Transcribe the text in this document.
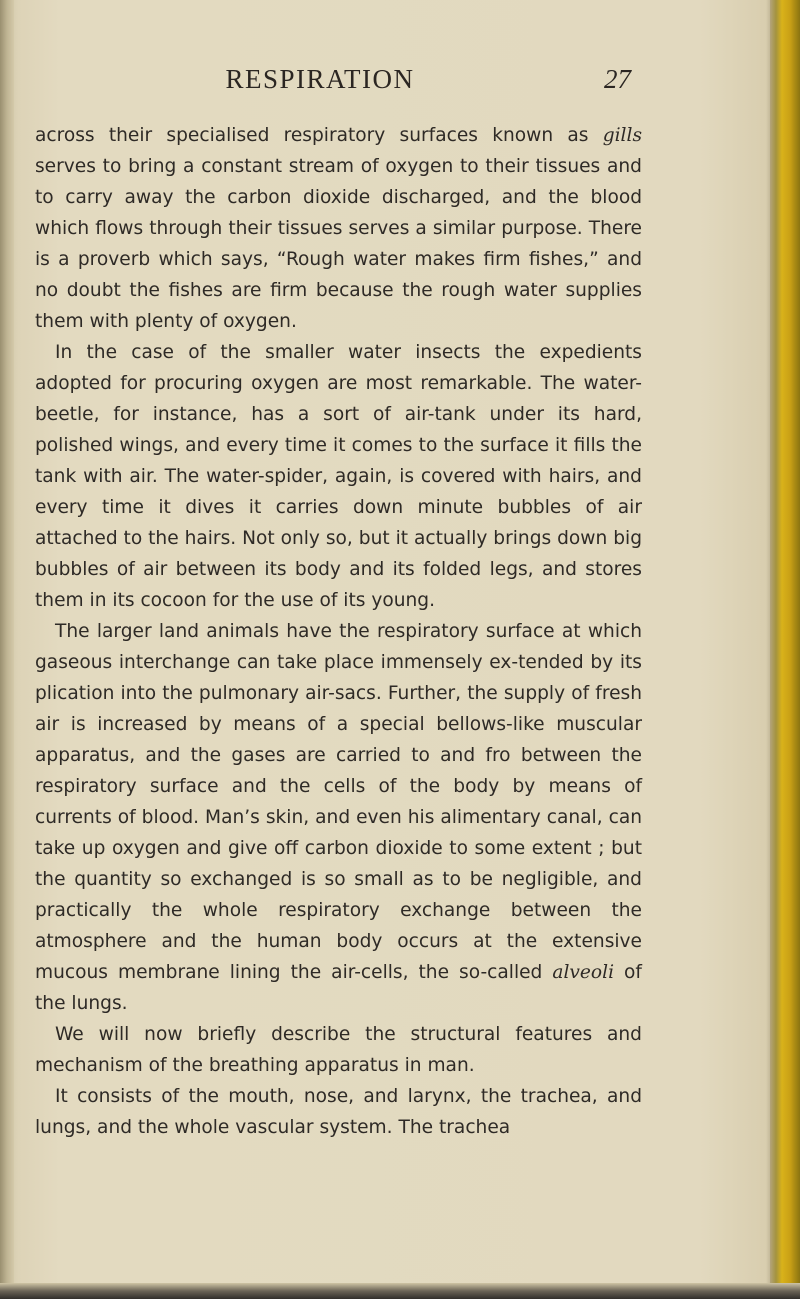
RESPIRATION	27

across their specialised respiratory surfaces known as gills serves to bring a constant stream of oxygen to their tissues and to carry away the carbon dioxide discharged, and the blood which flows through their tissues serves a similar purpose. There is a proverb which says, “Rough water makes firm fishes,” and no doubt the fishes are firm because the rough water supplies them with plenty of oxygen.

In the case of the smaller water insects the expedients adopted for procuring oxygen are most remarkable. The water-beetle, for instance, has a sort of air-tank under its hard, polished wings, and every time it comes to the surface it fills the tank with air. The water-spider, again, is covered with hairs, and every time it dives it carries down minute bubbles of air attached to the hairs. Not only so, but it actually brings down big bubbles of air between its body and its folded legs, and stores them in its cocoon for the use of its young.

The larger land animals have the respiratory surface at which gaseous interchange can take place immensely ex-tended by its plication into the pulmonary air-sacs. Further, the supply of fresh air is increased by means of a special bellows-like muscular apparatus, and the gases are carried to and fro between the respiratory surface and the cells of the body by means of currents of blood. Man’s skin, and even his alimentary canal, can take up oxygen and give off carbon dioxide to some extent ; but the quantity so exchanged is so small as to be negligible, and practically the whole respiratory exchange between the atmosphere and the human body occurs at the extensive mucous membrane lining the air-cells, the so-called alveoli of the lungs.

We will now briefly describe the structural features and mechanism of the breathing apparatus in man.

It consists of the mouth, nose, and larynx, the trachea, and lungs, and the whole vascular system. The trachea
